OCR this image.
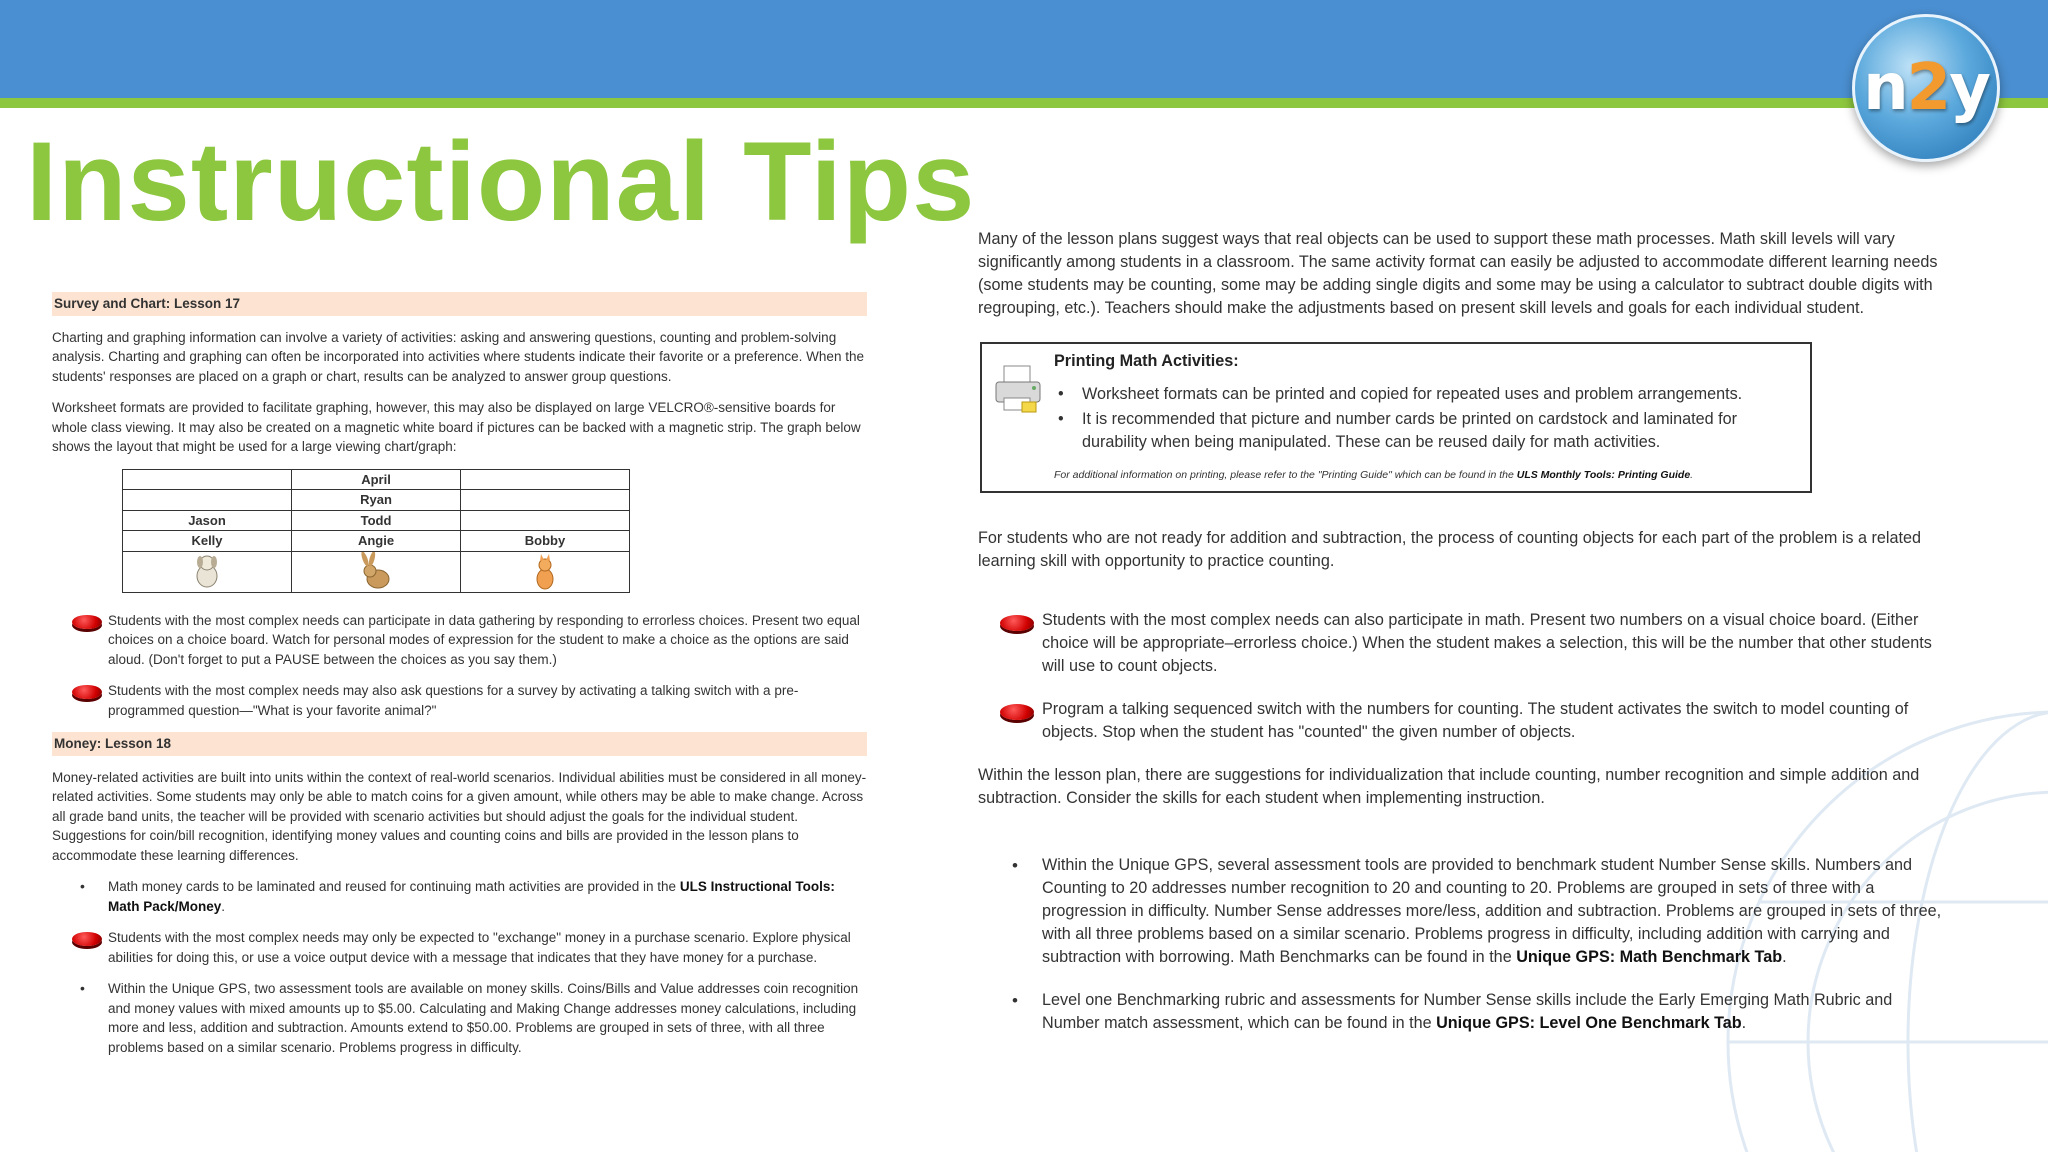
n2y
Instructional Tips
Survey and Chart: Lesson 17

Charting and graphing information can involve a variety of activities: asking and answering questions, counting and problem-solving analysis. Charting and graphing can often be incorporated into activities where students indicate their favorite or a preference. When the students' responses are placed on a graph or chart, results can be analyzed to answer group questions.

Worksheet formats are provided to facilitate graphing, however, this may also be displayed on large VELCRO®-sensitive boards for whole class viewing. It may also be created on a magnetic white board if pictures can be backed with a magnetic strip. The graph below shows the layout that might be used for a large viewing chart/graph:

	April	
	Ryan	
Jason	Todd	
Kelly	Angie	Bobby

Students with the most complex needs can participate in data gathering by responding to errorless choices. Present two equal choices on a choice board. Watch for personal modes of expression for the student to make a choice as the options are said aloud. (Don't forget to put a PAUSE between the choices as you say them.)
Students with the most complex needs may also ask questions for a survey by activating a talking switch with a pre-programmed question—"What is your favorite animal?"
Money: Lesson 18

Money-related activities are built into units within the context of real-world scenarios. Individual abilities must be considered in all money-related activities. Some students may only be able to match coins for a given amount, while others may be able to make change. Across all grade band units, the teacher will be provided with scenario activities but should adjust the goals for the individual student. Suggestions for coin/bill recognition, identifying money values and counting coins and bills are provided in the lesson plans to accommodate these learning differences.

• Math money cards to be laminated and reused for continuing math activities are provided in the ULS Instructional Tools: Math Pack/Money.
Students with the most complex needs may only be expected to "exchange" money in a purchase scenario. Explore physical abilities for doing this, or use a voice output device with a message that indicates that they have money for a purchase.
• Within the Unique GPS, two assessment tools are available on money skills. Coins/Bills and Value addresses coin recognition and money values with mixed amounts up to $5.00. Calculating and Making Change addresses money calculations, including more and less, addition and subtraction. Amounts extend to $50.00. Problems are grouped in sets of three, with all three problems based on a similar scenario. Problems progress in difficulty.

Many of the lesson plans suggest ways that real objects can be used to support these math processes. Math skill levels will vary significantly among students in a classroom. The same activity format can easily be adjusted to accommodate different learning needs (some students may be counting, some may be adding single digits and some may be using a calculator to subtract double digits with regrouping, etc.). Teachers should make the adjustments based on present skill levels and goals for each individual student.

Printing Math Activities:
• Worksheet formats can be printed and copied for repeated uses and problem arrangements.
• It is recommended that picture and number cards be printed on cardstock and laminated for durability when being manipulated. These can be reused daily for math activities.
For additional information on printing, please refer to the "Printing Guide" which can be found in the ULS Monthly Tools: Printing Guide.

For students who are not ready for addition and subtraction, the process of counting objects for each part of the problem is a related learning skill with opportunity to practice counting.

Students with the most complex needs can also participate in math. Present two numbers on a visual choice board. (Either choice will be appropriate–errorless choice.) When the student makes a selection, this will be the number that other students will use to count objects.
Program a talking sequenced switch with the numbers for counting. The student activates the switch to model counting of objects. Stop when the student has "counted" the given number of objects.

Within the lesson plan, there are suggestions for individualization that include counting, number recognition and simple addition and subtraction. Consider the skills for each student when implementing instruction.

• Within the Unique GPS, several assessment tools are provided to benchmark student Number Sense skills. Numbers and Counting to 20 addresses number recognition to 20 and counting to 20. Problems are grouped in sets of three with a progression in difficulty. Number Sense addresses more/less, addition and subtraction. Problems are grouped in sets of three, with all three problems based on a similar scenario. Problems progress in difficulty, including addition with carrying and subtraction with borrowing. Math Benchmarks can be found in the Unique GPS: Math Benchmark Tab.
• Level one Benchmarking rubric and assessments for Number Sense skills include the Early Emerging Math Rubric and Number match assessment, which can be found in the Unique GPS: Level One Benchmark Tab.
